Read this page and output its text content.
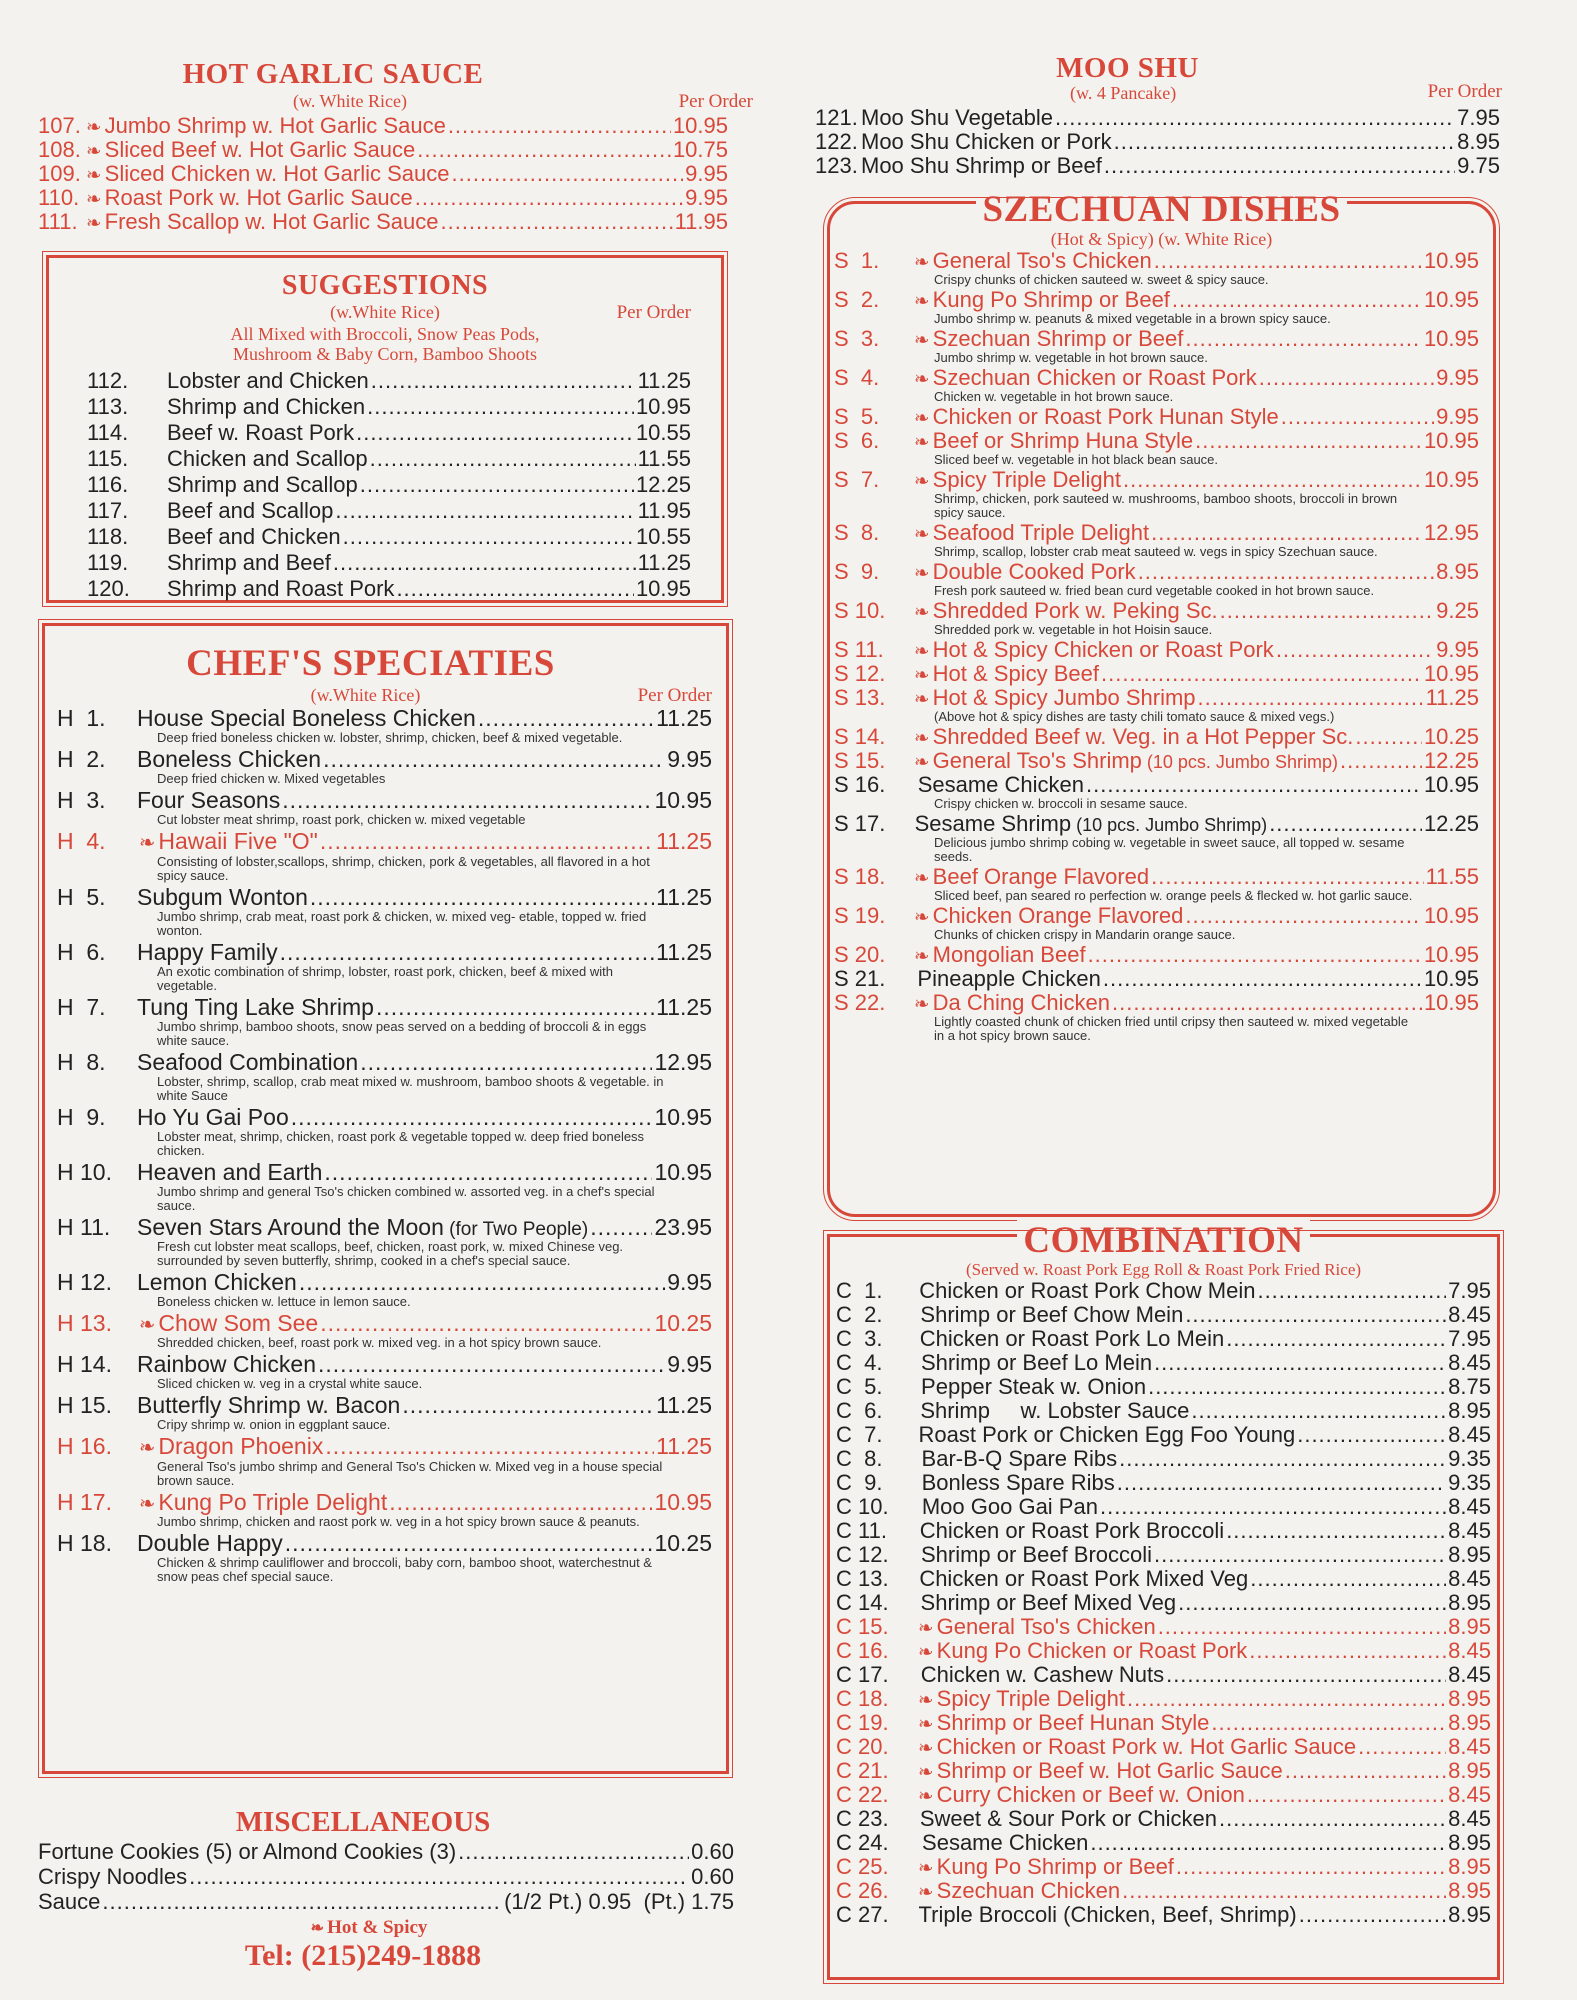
HOT GARLIC SAUCE
(w. White Rice)	Per Order
107. ❧ Jumbo Shrimp w. Hot Garlic Sauce .....	10.95
108. ❧ Sliced Beef w. Hot Garlic Sauce .....	10.75
109. ❧ Sliced Chicken w. Hot Garlic Sauce .....	9.95
110. ❧ Roast Pork w. Hot Garlic Sauce .....	9.95
111. ❧ Fresh Scallop w. Hot Garlic Sauce .....	11.95
SUGGESTIONS
(w.White Rice)	Per Order
All Mixed with Broccoli, Snow Peas Pods,
Mushroom & Baby Corn, Bamboo Shoots
112.	Lobster and Chicken .....	11.25
113.	Shrimp and Chicken .....	10.95
114.	Beef w. Roast Pork .....	10.55
115.	Chicken and Scallop .....	11.55
116.	Shrimp and Scallop .....	12.25
117.	Beef and Scallop .....	11.95
118.	Beef and Chicken .....	10.55
119.	Shrimp and Beef .....	11.25
120.	Shrimp and Roast Pork .....	10.95
CHEF'S SPECIATIES
(w.White Rice)	Per Order
H  1.	House Special Boneless Chicken .....	11.25
Deep fried boneless chicken w. lobster, shrimp, chicken, beef & mixed vegetable.
H  2.	Boneless Chicken .....	9.95
Deep fried chicken w. Mixed vegetables
H  3.	Four Seasons .....	10.95
Cut lobster meat shrimp, roast pork, chicken w. mixed vegetable
H  4.	❧ Hawaii Five "O" .....	11.25
Consisting of lobster,scallops, shrimp, chicken, pork & vegetables, all flavored in a hot spicy sauce.
H  5.	Subgum Wonton .....	11.25
Jumbo shrimp, crab meat, roast pork & chicken, w. mixed veg- etable, topped w. fried wonton.
H  6.	Happy Family .....	11.25
An exotic combination of shrimp, lobster, roast pork, chicken, beef & mixed with vegetable.
H  7.	Tung Ting Lake Shrimp .....	11.25
Jumbo shrimp, bamboo shoots, snow peas served on a bedding of broccoli & in eggs white sauce.
H  8.	Seafood Combination .....	12.95
Lobster, shrimp, scallop, crab meat mixed w. mushroom, bamboo shoots & vegetable. in white Sauce
H  9.	Ho Yu Gai Poo .....	10.95
Lobster meat, shrimp, chicken, roast pork & vegetable topped w. deep fried boneless chicken.
H 10.	Heaven and Earth .....	10.95
Jumbo shrimp and general Tso's chicken combined w. assorted veg. in a chef's special sauce.
H 11.	Seven Stars Around the Moon (for Two People) .....	23.95
Fresh cut lobster meat scallops, beef, chicken, roast pork, w. mixed Chinese veg. surrounded by seven butterfly, shrimp, cooked in a chef's special sauce.
H 12.	Lemon Chicken .....	9.95
Boneless chicken w. lettuce in lemon sauce.
H 13.	❧ Chow Som See .....	10.25
Shredded chicken, beef, roast pork w. mixed veg. in a hot spicy brown sauce.
H 14.	Rainbow Chicken .....	9.95
Sliced chicken w. veg in a crystal white sauce.
H 15.	Butterfly Shrimp w. Bacon .....	11.25
Cripy shrimp w. onion in eggplant sauce.
H 16.	❧ Dragon Phoenix .....	11.25
General Tso's jumbo shrimp and General Tso's Chicken w. Mixed veg in a house special brown sauce.
H 17.	❧ Kung Po Triple Delight .....	10.95
Jumbo shrimp, chicken and raost pork w. veg in a hot spicy brown sauce & peanuts.
H 18.	Double Happy .....	10.25
Chicken & shrimp cauliflower and broccoli, baby corn, bamboo shoot, waterchestnut & snow peas chef special sauce.
MISCELLANEOUS
Fortune Cookies (5) or Almond Cookies (3) .....	0.60
Crispy Noodles .....	0.60
Sauce .....	(1/2 Pt.) 0.95  (Pt.) 1.75
❧ Hot & Spicy
Tel: (215)249-1888
MOO SHU
(w. 4 Pancake)	Per Order
121. Moo Shu Vegetable .....	7.95
122. Moo Shu Chicken or Pork .....	8.95
123. Moo Shu Shrimp or Beef .....	9.75
SZECHUAN DISHES
(Hot & Spicy) (w. White Rice)
S  1.	❧ General Tso's Chicken .....	10.95
Crispy chunks of chicken sauteed w. sweet & spicy sauce.
S  2.	❧ Kung Po Shrimp or Beef .....	10.95
Jumbo shrimp w. peanuts & mixed vegetable in a brown spicy sauce.
S  3.	❧ Szechuan Shrimp or Beef .....	10.95
Jumbo shrimp w. vegetable in hot brown sauce.
S  4.	❧ Szechuan Chicken or Roast Pork .....	9.95
Chicken w. vegetable in hot brown sauce.
S  5.	❧ Chicken or Roast Pork Hunan Style .....	9.95
S  6.	❧ Beef or Shrimp Huna Style .....	10.95
Sliced beef w. vegetable in hot black bean sauce.
S  7.	❧ Spicy Triple Delight .....	10.95
Shrimp, chicken, pork sauteed w. mushrooms, bamboo shoots, broccoli in brown spicy sauce.
S  8.	❧ Seafood Triple Delight .....	12.95
Shrimp, scallop, lobster crab meat sauteed w. vegs in spicy Szechuan sauce.
S  9.	❧ Double Cooked Pork .....	8.95
Fresh pork sauteed w. fried bean curd vegetable cooked in hot brown sauce.
S 10.	❧ Shredded Pork w. Peking Sc. .....	9.25
Shredded pork w. vegetable in hot Hoisin sauce.
S 11.	❧ Hot & Spicy Chicken or Roast Pork .....	9.95
S 12.	❧ Hot & Spicy Beef .....	10.95
S 13.	❧ Hot & Spicy Jumbo Shrimp .....	11.25
(Above hot & spicy dishes are tasty chili tomato sauce & mixed vegs.)
S 14.	❧ Shredded Beef w. Veg. in a Hot Pepper Sc. .....	10.25
S 15.	❧ General Tso's Shrimp (10 pcs. Jumbo Shrimp) .....	12.25
S 16.	Sesame Chicken .....	10.95
Crispy chicken w. broccoli in sesame sauce.
S 17.	Sesame Shrimp (10 pcs. Jumbo Shrimp) .....	12.25
Delicious jumbo shrimp cobing w. vegetable in sweet sauce, all topped w. sesame seeds.
S 18.	❧ Beef Orange Flavored .....	11.55
Sliced beef, pan seared ro perfection w. orange peels & flecked w. hot garlic sauce.
S 19.	❧ Chicken Orange Flavored .....	10.95
Chunks of chicken crispy in Mandarin orange sauce.
S 20.	❧ Mongolian Beef .....	10.95
S 21.	Pineapple Chicken .....	10.95
S 22.	❧ Da Ching Chicken .....	10.95
Lightly coasted chunk of chicken fried until cripsy then sauteed w. mixed vegetable in a hot spicy brown sauce.
COMBINATION
(Served w. Roast Pork Egg Roll & Roast Pork Fried Rice)
C  1.	Chicken or Roast Pork Chow Mein .....	7.95
C  2.	Shrimp or Beef Chow Mein .....	8.45
C  3.	Chicken or Roast Pork Lo Mein .....	7.95
C  4.	Shrimp or Beef Lo Mein .....	8.45
C  5.	Pepper Steak w. Onion .....	8.75
C  6.	Shrimp     w. Lobster Sauce .....	8.95
C  7.	Roast Pork or Chicken Egg Foo Young .....	8.45
C  8.	Bar-B-Q Spare Ribs .....	9.35
C  9.	Bonless Spare Ribs .....	9.35
C 10.	Moo Goo Gai Pan .....	8.45
C 11.	Chicken or Roast Pork Broccoli .....	8.45
C 12.	Shrimp or Beef Broccoli .....	8.95
C 13.	Chicken or Roast Pork Mixed Veg .....	8.45
C 14.	Shrimp or Beef Mixed Veg .....	8.95
C 15.	❧ General Tso's Chicken .....	8.95
C 16.	❧ Kung Po Chicken or Roast Pork .....	8.45
C 17.	Chicken w. Cashew Nuts .....	8.45
C 18.	❧ Spicy Triple Delight .....	8.95
C 19.	❧ Shrimp or Beef Hunan Style .....	8.95
C 20.	❧ Chicken or Roast Pork w. Hot Garlic Sauce .....	8.45
C 21.	❧ Shrimp or Beef w. Hot Garlic Sauce .....	8.95
C 22.	❧ Curry Chicken or Beef w. Onion .....	8.45
C 23.	Sweet & Sour Pork or Chicken .....	8.45
C 24.	Sesame Chicken .....	8.95
C 25.	❧ Kung Po Shrimp or Beef .....	8.95
C 26.	❧ Szechuan Chicken .....	8.95
C 27.	Triple Broccoli (Chicken, Beef, Shrimp) .....	8.95
